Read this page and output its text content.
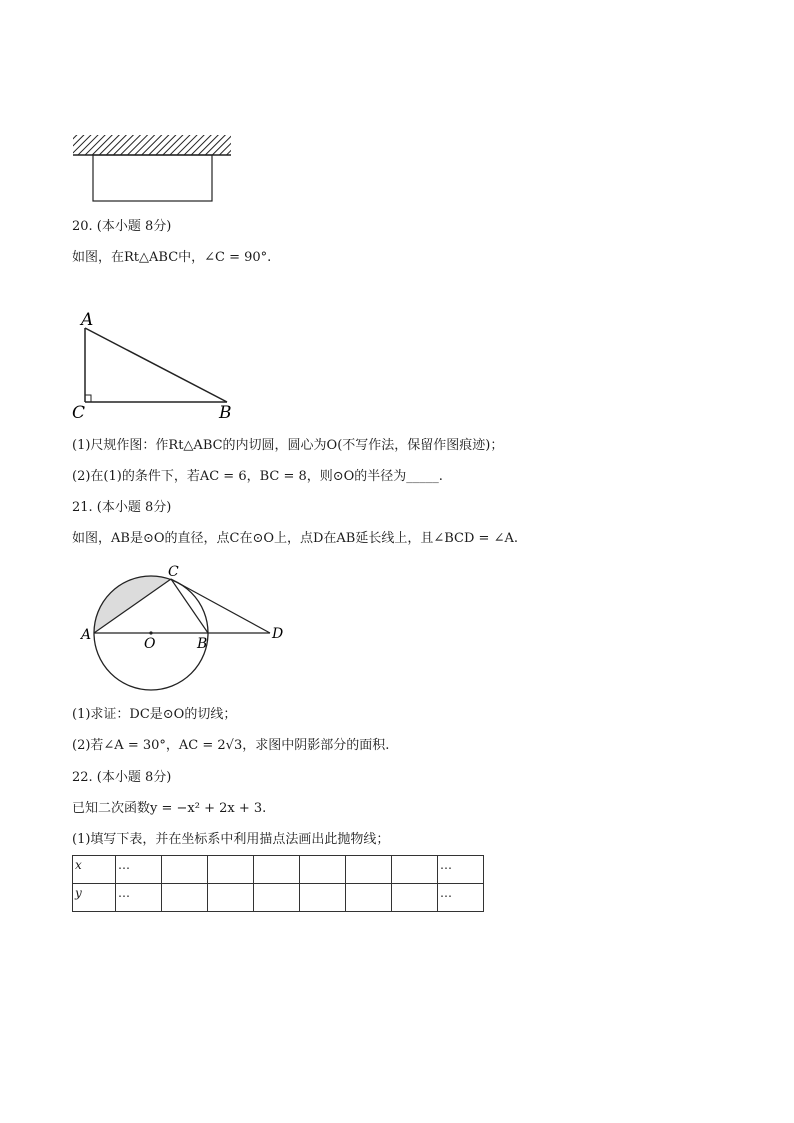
20. (本小题 8分)
如图，在Rt△ABC中，∠C = 90°.
A
C	B
(1)尺规作图：作Rt△ABC的内切圆，圆心为O(不写作法，保留作图痕迹)；
(2)在(1)的条件下，若AC = 6，BC = 8，则⊙O的半径为_____.
21. (本小题 8分)
如图，AB是⊙O的直径，点C在⊙O上，点D在AB延长线上，且∠BCD = ∠A.
C
A
O	B
D
(1)求证：DC是⊙O的切线；
(2)若∠A = 30°，AC = 2√3，求图中阴影部分的面积.
22. (本小题 8分)
已知二次函数y = −x² + 2x + 3.
(1)填写下表，并在坐标系中利用描点法画出此抛物线；
x	…							…
y	…							…
